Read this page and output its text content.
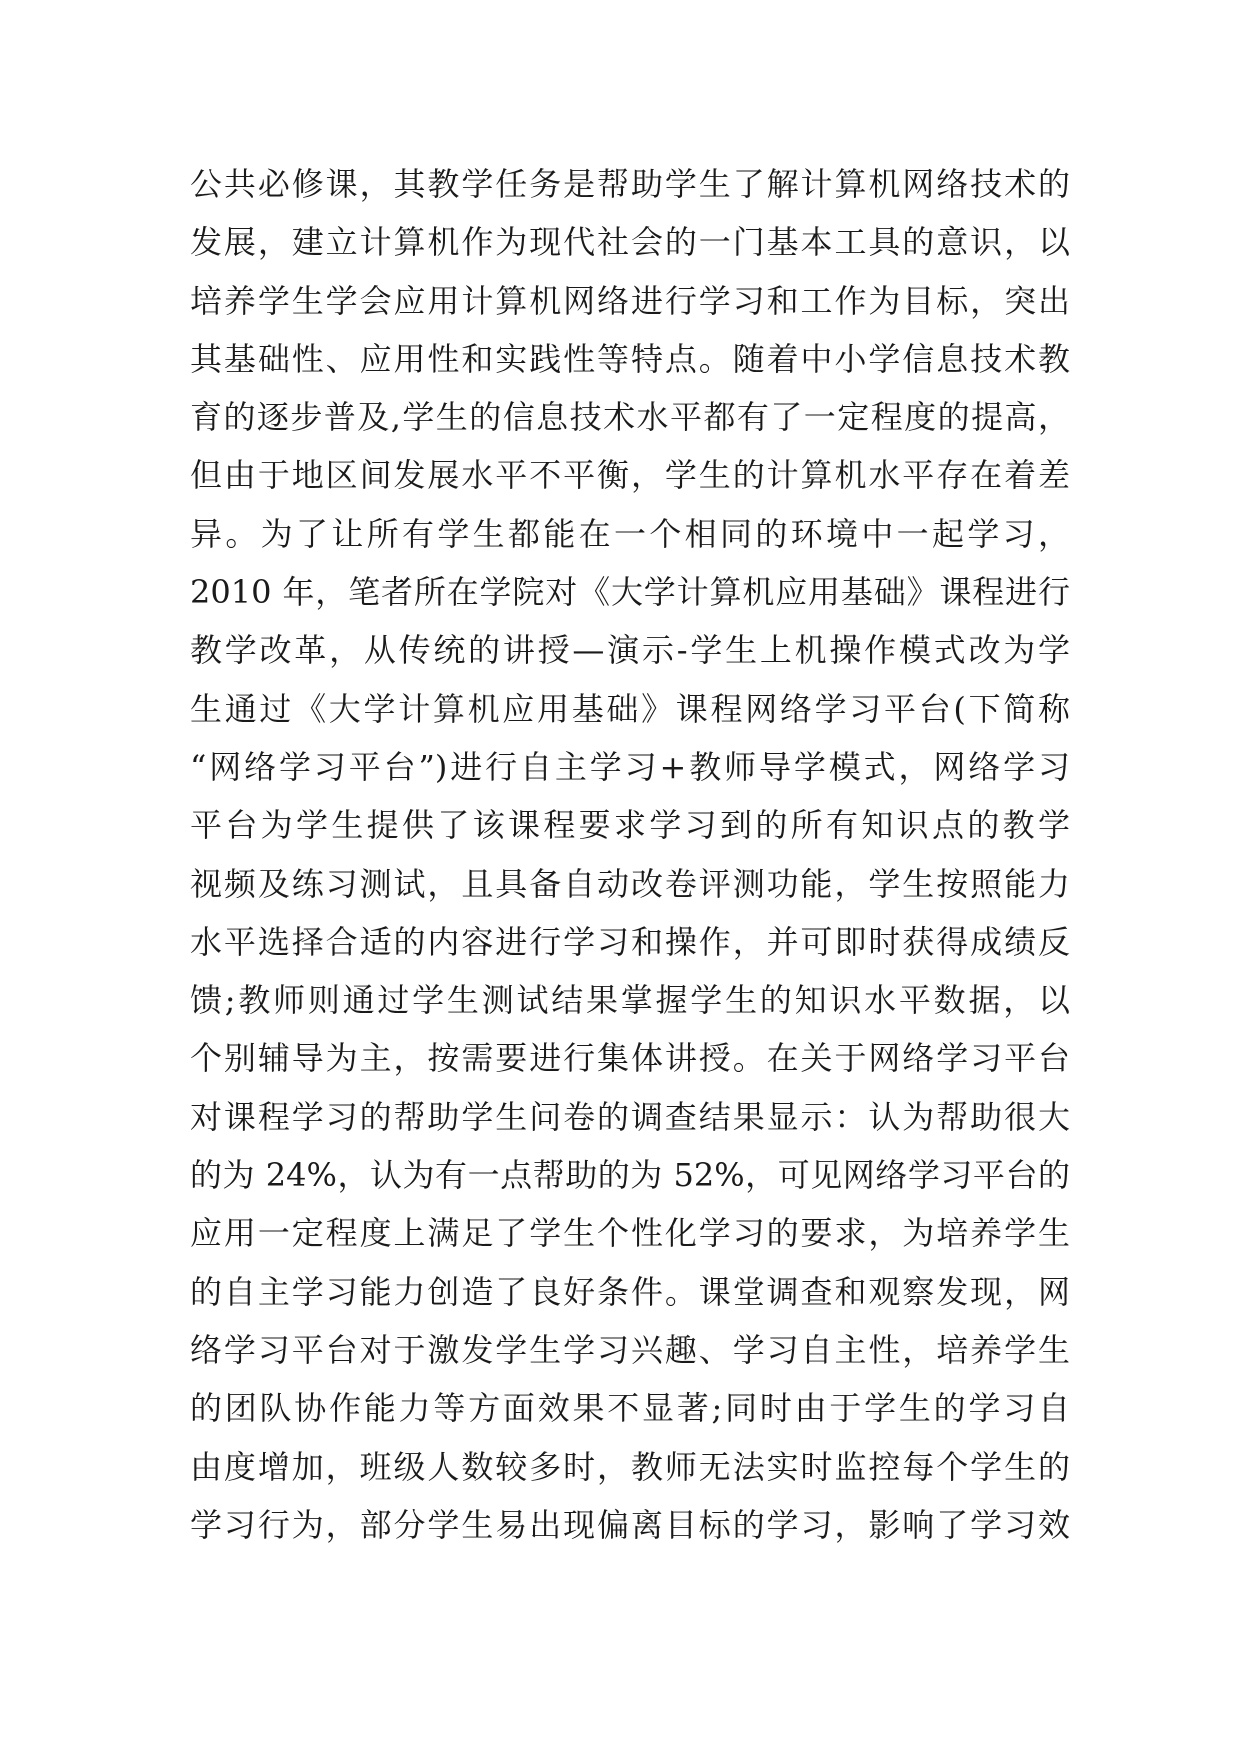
公共必修课，其教学任务是帮助学生了解计算机网络技术的
发展，建立计算机作为现代社会的一门基本工具的意识，以
培养学生学会应用计算机网络进行学习和工作为目标，突出
其基础性、应用性和实践性等特点。随着中小学信息技术教
育的逐步普及,学生的信息技术水平都有了一定程度的提高，
但由于地区间发展水平不平衡，学生的计算机水平存在着差
异。为了让所有学生都能在一个相同的环境中一起学习，
2010 年，笔者所在学院对《大学计算机应用基础》课程进行
教学改革，从传统的讲授—演示-学生上机操作模式改为学
生通过《大学计算机应用基础》课程网络学习平台(下简称
“网络学习平台”)进行自主学习+教师导学模式，网络学习
平台为学生提供了该课程要求学习到的所有知识点的教学
视频及练习测试，且具备自动改卷评测功能，学生按照能力
水平选择合适的内容进行学习和操作，并可即时获得成绩反
馈;教师则通过学生测试结果掌握学生的知识水平数据，以
个别辅导为主，按需要进行集体讲授。在关于网络学习平台
对课程学习的帮助学生问卷的调查结果显示：认为帮助很大
的为 24%，认为有一点帮助的为 52%，可见网络学习平台的
应用一定程度上满足了学生个性化学习的要求，为培养学生
的自主学习能力创造了良好条件。课堂调查和观察发现，网
络学习平台对于激发学生学习兴趣、学习自主性，培养学生
的团队协作能力等方面效果不显著;同时由于学生的学习自
由度增加，班级人数较多时，教师无法实时监控每个学生的
学习行为，部分学生易出现偏离目标的学习，影响了学习效
